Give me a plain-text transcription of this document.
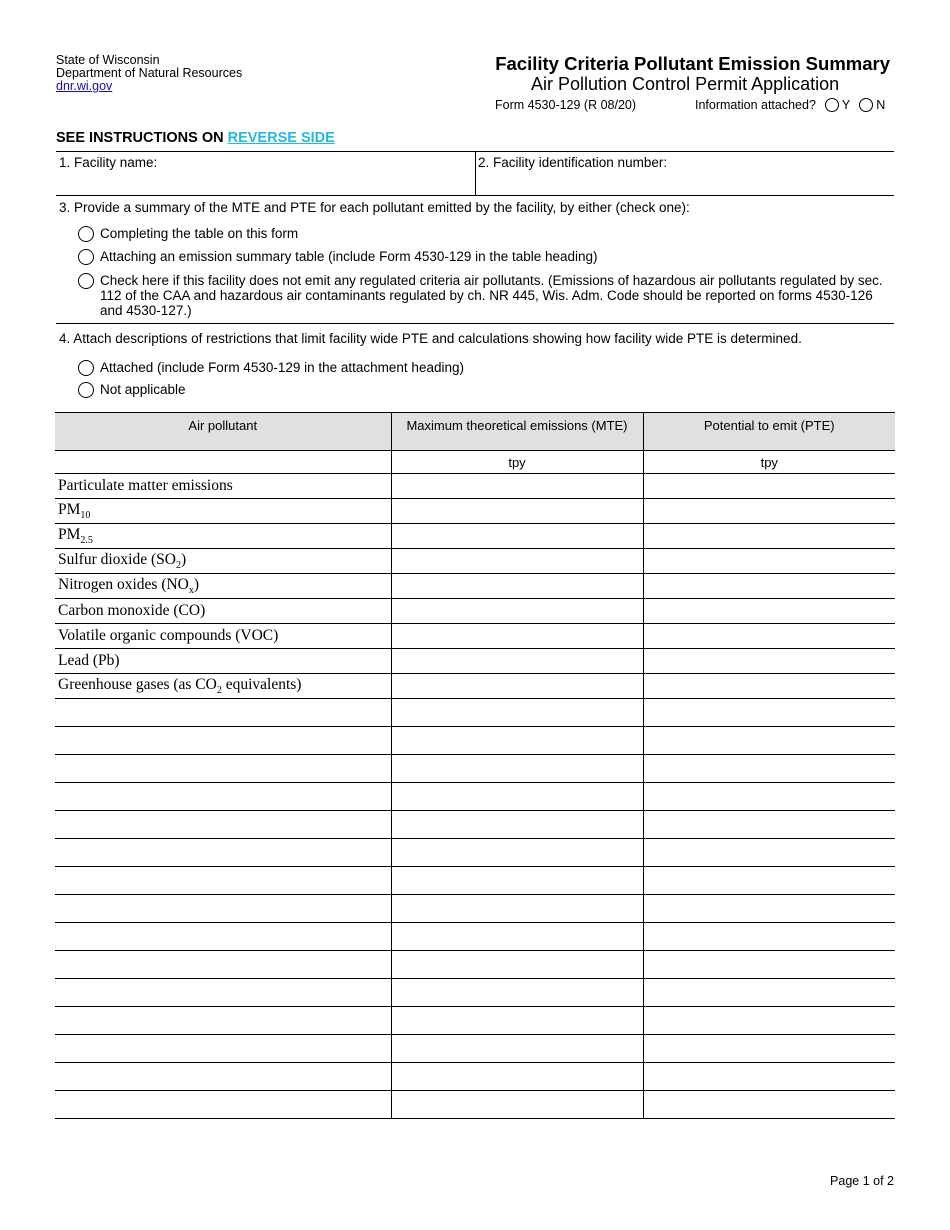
State of Wisconsin
Department of Natural Resources
dnr.wi.gov
Facility Criteria Pollutant Emission Summary
Air Pollution Control Permit Application
Form 4530-129 (R 08/20)	Information attached? Y N
SEE INSTRUCTIONS ON REVERSE SIDE
1. Facility name:	2. Facility identification number:
3. Provide a summary of the MTE and PTE for each pollutant emitted by the facility, by either (check one):
Completing the table on this form
Attaching an emission summary table (include Form 4530-129 in the table heading)
Check here if this facility does not emit any regulated criteria air pollutants. (Emissions of hazardous air pollutants regulated by sec. 112 of the CAA and hazardous air contaminants regulated by ch. NR 445, Wis. Adm. Code should be reported on forms 4530-126 and 4530-127.)
4. Attach descriptions of restrictions that limit facility wide PTE and calculations showing how facility wide PTE is determined.
Attached (include Form 4530-129 in the attachment heading)
Not applicable
Air pollutant	Maximum theoretical emissions (MTE)	Potential to emit (PTE)
	tpy	tpy
Particulate matter emissions		
$PM_{10}$		
$PM_{2.5}$		
Sulfur dioxide $(SO_2)$		
Nitrogen oxides $(NO_x)$		
Carbon monoxide (CO)		
Volatile organic compounds (VOC)		
Lead (Pb)		
Greenhouse gases (as $CO_2$ equivalents)		

Page 1 of 2
